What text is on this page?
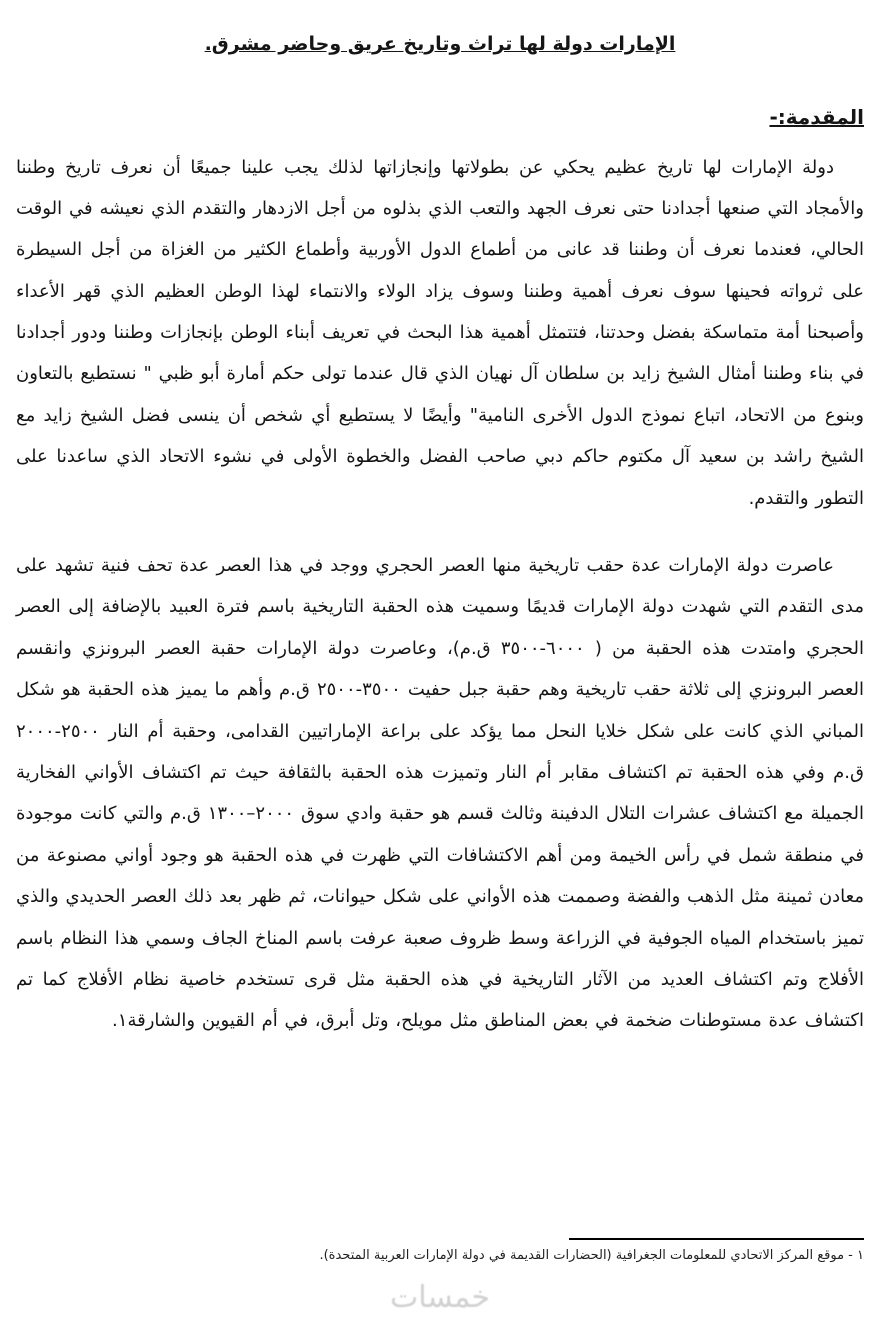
الإمارات دولة لها تراث وتاريخ عريق وحاضر مشرق.
المقدمة:-

دولة الإمارات لها تاريخ عظيم يحكي عن بطولاتها وإنجازاتها لذلك يجب علينا جميعًا أن نعرف تاريخ وطننا والأمجاد التي صنعها أجدادنا حتى نعرف الجهد والتعب الذي بذلوه من أجل الازدهار والتقدم الذي نعيشه في الوقت الحالي، فعندما نعرف أن وطننا قد عانى من أطماع الدول الأوربية وأطماع الكثير من الغزاة من أجل السيطرة على ثرواته فحينها سوف نعرف أهمية وطننا وسوف يزاد الولاء والانتماء لهذا الوطن العظيم الذي قهر الأعداء وأصبحنا أمة متماسكة بفضل وحدتنا، فتتمثل أهمية هذا البحث في تعريف أبناء الوطن بإنجازات وطننا ودور أجدادنا في بناء وطننا أمثال الشيخ زايد بن سلطان آل نهيان الذي قال عندما تولى حكم أمارة أبو ظبي " نستطيع بالتعاون وبنوع من الاتحاد، اتباع نموذج الدول الأخرى النامية" وأيضًا لا يستطيع أي شخص أن ينسى فضل الشيخ زايد مع الشيخ راشد بن سعيد آل مكتوم حاكم دبي صاحب الفضل والخطوة الأولى في نشوء الاتحاد الذي ساعدنا على التطور والتقدم.

عاصرت دولة الإمارات عدة حقب تاريخية منها العصر الحجري ووجد في هذا العصر عدة تحف فنية تشهد على مدى التقدم التي شهدت دولة الإمارات قديمًا وسميت هذه الحقبة التاريخية باسم فترة العبيد بالإضافة إلى العصر الحجري وامتدت هذه الحقبة من ( ٦٠٠٠-٣٥٠٠ ق.م)، وعاصرت دولة الإمارات حقبة العصر البرونزي وانقسم العصر البرونزي إلى ثلاثة حقب تاريخية وهم حقبة جبل حفيت ٣٥٠٠-٢٥٠٠ ق.م وأهم ما يميز هذه الحقبة هو شكل المباني الذي كانت على شكل خلايا النحل مما يؤكد على براعة الإماراتيين القدامى، وحقبة أم النار ٢٥٠٠-٢٠٠٠ ق.م وفي هذه الحقبة تم اكتشاف مقابر أم النار وتميزت هذه الحقبة بالثقافة حيث تم اكتشاف الأواني الفخارية الجميلة مع اكتشاف عشرات التلال الدفينة وثالث قسم هو حقبة وادي سوق ٢٠٠٠–١٣٠٠ ق.م والتي كانت موجودة في منطقة شمل في رأس الخيمة ومن أهم الاكتشافات التي ظهرت في هذه الحقبة هو وجود أواني مصنوعة من معادن ثمينة مثل الذهب والفضة وصممت هذه الأواني على شكل حيوانات، ثم ظهر بعد ذلك العصر الحديدي والذي تميز باستخدام المياه الجوفية في الزراعة وسط ظروف صعبة عرفت باسم المناخ الجاف وسمي هذا النظام باسم الأفلاج وتم اكتشاف العديد من الآثار التاريخية في هذه الحقبة مثل قرى تستخدم خاصية نظام الأفلاج كما تم اكتشاف عدة مستوطنات ضخمة في بعض المناطق مثل مويلح، وتل أبرق، في أم القيوين والشارقة١.

١ - موقع المركز الاتحادي للمعلومات الجغرافية (الحضارات القديمة في دولة الإمارات العربية المتحدة).

خمسات
